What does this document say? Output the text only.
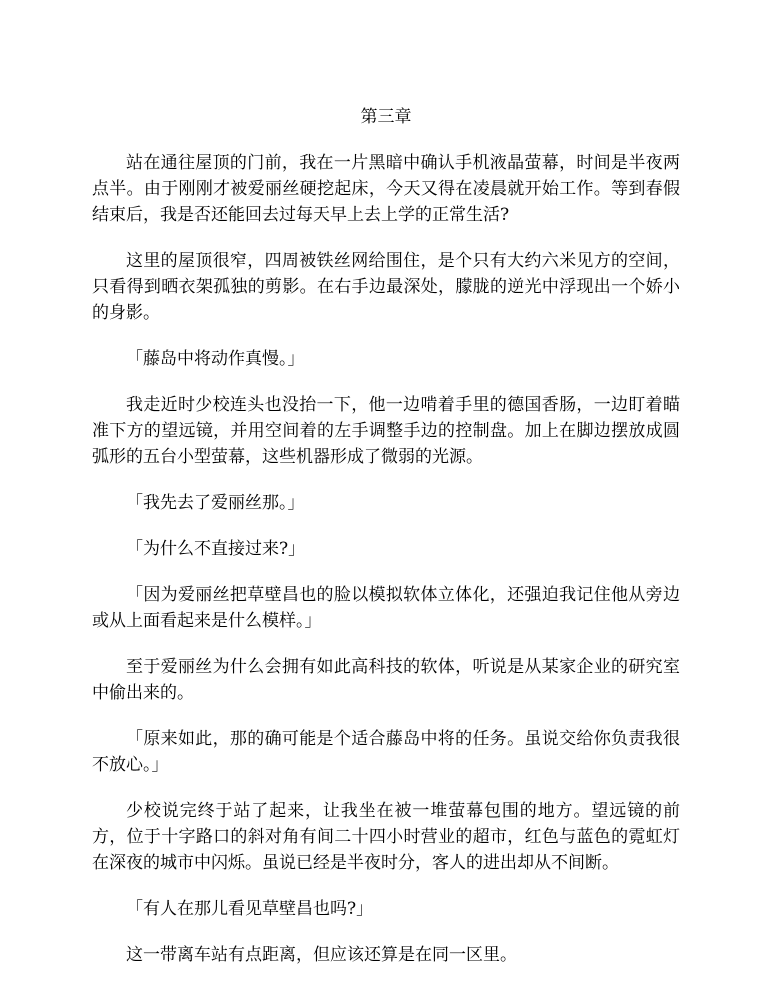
第三章

站在通往屋顶的门前，我在一片黑暗中确认手机液晶萤幕，时间是半夜两点半。由于刚刚才被爱丽丝硬挖起床，今天又得在凌晨就开始工作。等到春假结束后，我是否还能回去过每天早上去上学的正常生活?

这里的屋顶很窄，四周被铁丝网给围住，是个只有大约六米见方的空间，只看得到晒衣架孤独的剪影。在右手边最深处，朦胧的逆光中浮现出一个娇小的身影。

「藤岛中将动作真慢。」

我走近时少校连头也没抬一下，他一边啃着手里的德国香肠，一边盯着瞄准下方的望远镜，并用空间着的左手调整手边的控制盘。加上在脚边摆放成圆弧形的五台小型萤幕，这些机器形成了微弱的光源。

「我先去了爱丽丝那。」

「为什么不直接过来?」

「因为爱丽丝把草壁昌也的脸以模拟软体立体化，还强迫我记住他从旁边或从上面看起来是什么模样。」

至于爱丽丝为什么会拥有如此高科技的软体，听说是从某家企业的研究室中偷出来的。

「原来如此，那的确可能是个适合藤岛中将的任务。虽说交给你负责我很不放心。」

少校说完终于站了起来，让我坐在被一堆萤幕包围的地方。望远镜的前方，位于十字路口的斜对角有间二十四小时营业的超市，红色与蓝色的霓虹灯在深夜的城市中闪烁。虽说已经是半夜时分，客人的进出却从不间断。

「有人在那儿看见草壁昌也吗?」

这一带离车站有点距离，但应该还算是在同一区里。
